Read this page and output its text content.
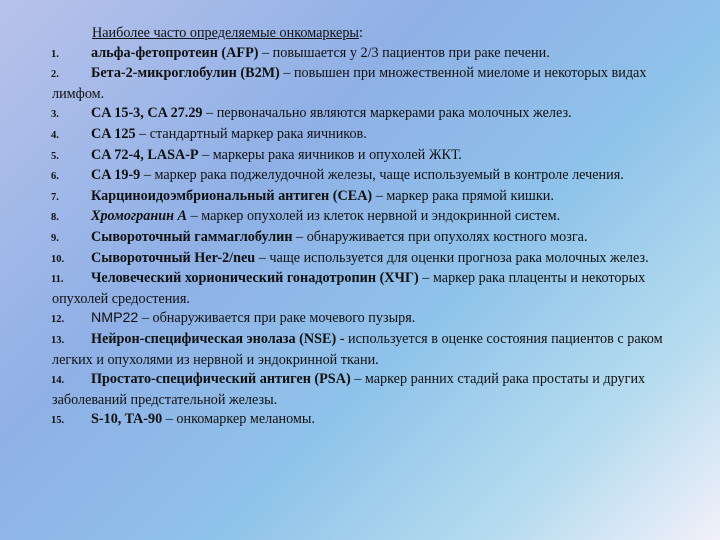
Наиболее часто определяемые онкомаркеры:
1. альфа-фетопротеин (AFP) – повышается у 2/3 пациентов при раке печени.
2. Бета-2-микроглобулин (B2M) – повышен при множественной миеломе и некоторых видах лимфом.
3. CA 15-3, CA 27.29 – первоначально являются маркерами рака молочных желез.
4. CA 125 – стандартный маркер рака яичников.
5. CA 72-4, LASA-P – маркеры рака яичников и опухолей ЖКТ.
6. CA 19-9 – маркер рака поджелудочной железы, чаще используемый в контроле лечения.
7. Карциноидоэмбриональный антиген (CEA) – маркер рака прямой кишки.
8. Хромогранин А – маркер опухолей из клеток нервной и эндокринной систем.
9. Сывороточный гаммаглобулин – обнаруживается при опухолях костного мозга.
10. Сывороточный Her-2/neu – чаще используется для оценки прогноза рака молочных желез.
11. Человеческий хорионический гонадотропин (ХЧГ) – маркер рака плаценты и некоторых опухолей средостения.
12. NMP22 – обнаруживается при раке мочевого пузыря.
13. Нейрон-специфическая энолаза (NSE) - используется в оценке состояния пациентов с раком легких и опухолями из нервной и эндокринной ткани.
14. Простато-специфический антиген (PSA) – маркер ранних стадий рака простаты и других заболеваний предстательной железы.
15. S-10, TA-90 – онкомаркер меланомы.
